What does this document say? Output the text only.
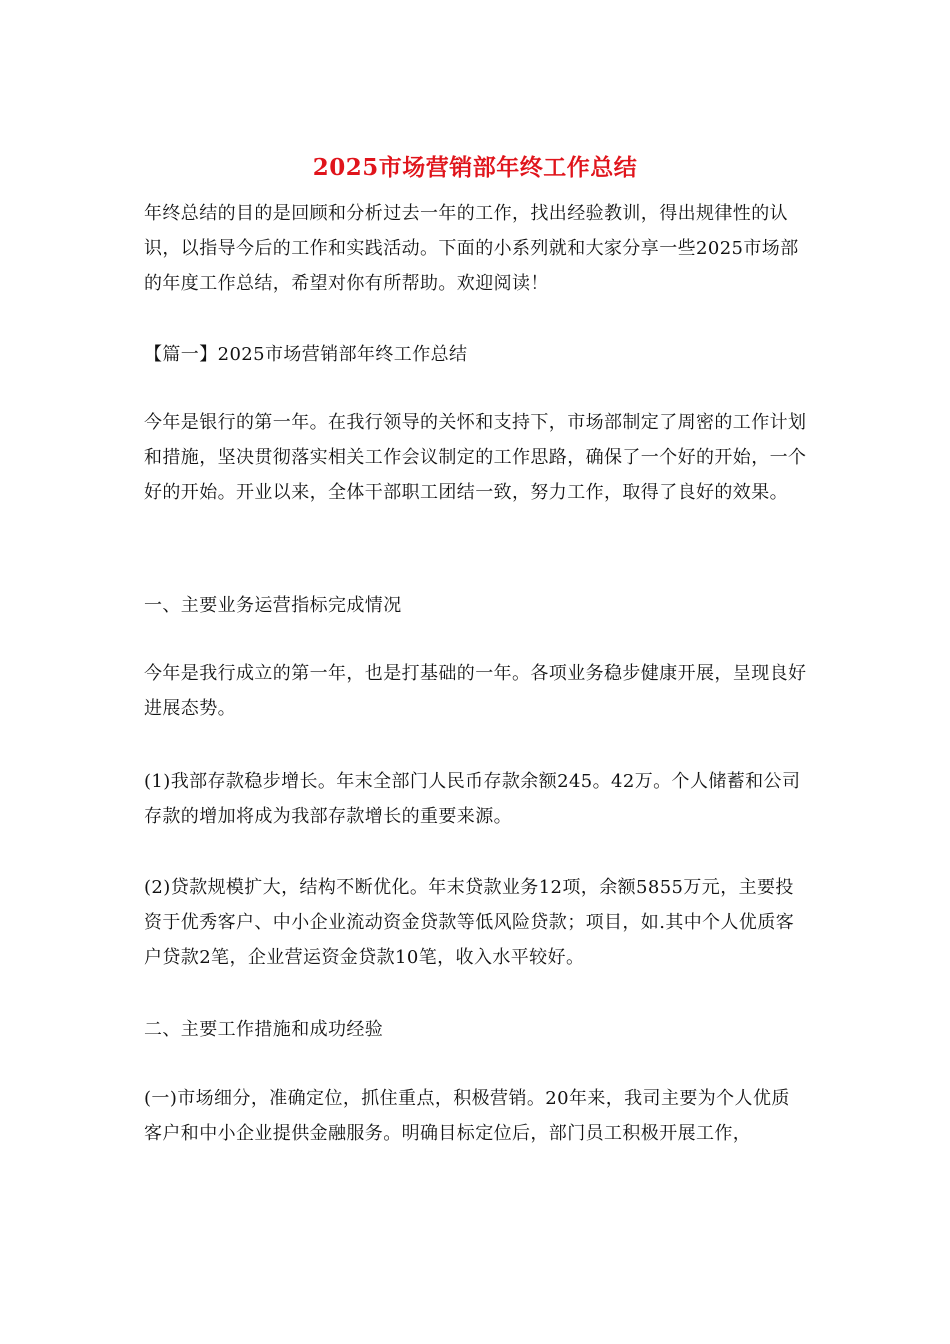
2025市场营销部年终工作总结

年终总结的目的是回顾和分析过去一年的工作，找出经验教训，得出规律性的认识，以指导今后的工作和实践活动。下面的小系列就和大家分享一些2025市场部的年度工作总结，希望对你有所帮助。欢迎阅读！

【篇一】2025市场营销部年终工作总结

今年是银行的第一年。在我行领导的关怀和支持下，市场部制定了周密的工作计划和措施，坚决贯彻落实相关工作会议制定的工作思路，确保了一个好的开始，一个好的开始。开业以来，全体干部职工团结一致，努力工作，取得了良好的效果。

一、主要业务运营指标完成情况

今年是我行成立的第一年，也是打基础的一年。各项业务稳步健康开展，呈现良好进展态势。

(1)我部存款稳步增长。年末全部门人民币存款余额245。42万。个人储蓄和公司存款的增加将成为我部存款增长的重要来源。

(2)贷款规模扩大，结构不断优化。年末贷款业务12项，余额5855万元，主要投资于优秀客户、中小企业流动资金贷款等低风险贷款；项目，如.其中个人优质客户贷款2笔，企业营运资金贷款10笔，收入水平较好。

二、主要工作措施和成功经验

(一)市场细分，准确定位，抓住重点，积极营销。20年来，我司主要为个人优质客户和中小企业提供金融服务。明确目标定位后，部门员工积极开展工作，
